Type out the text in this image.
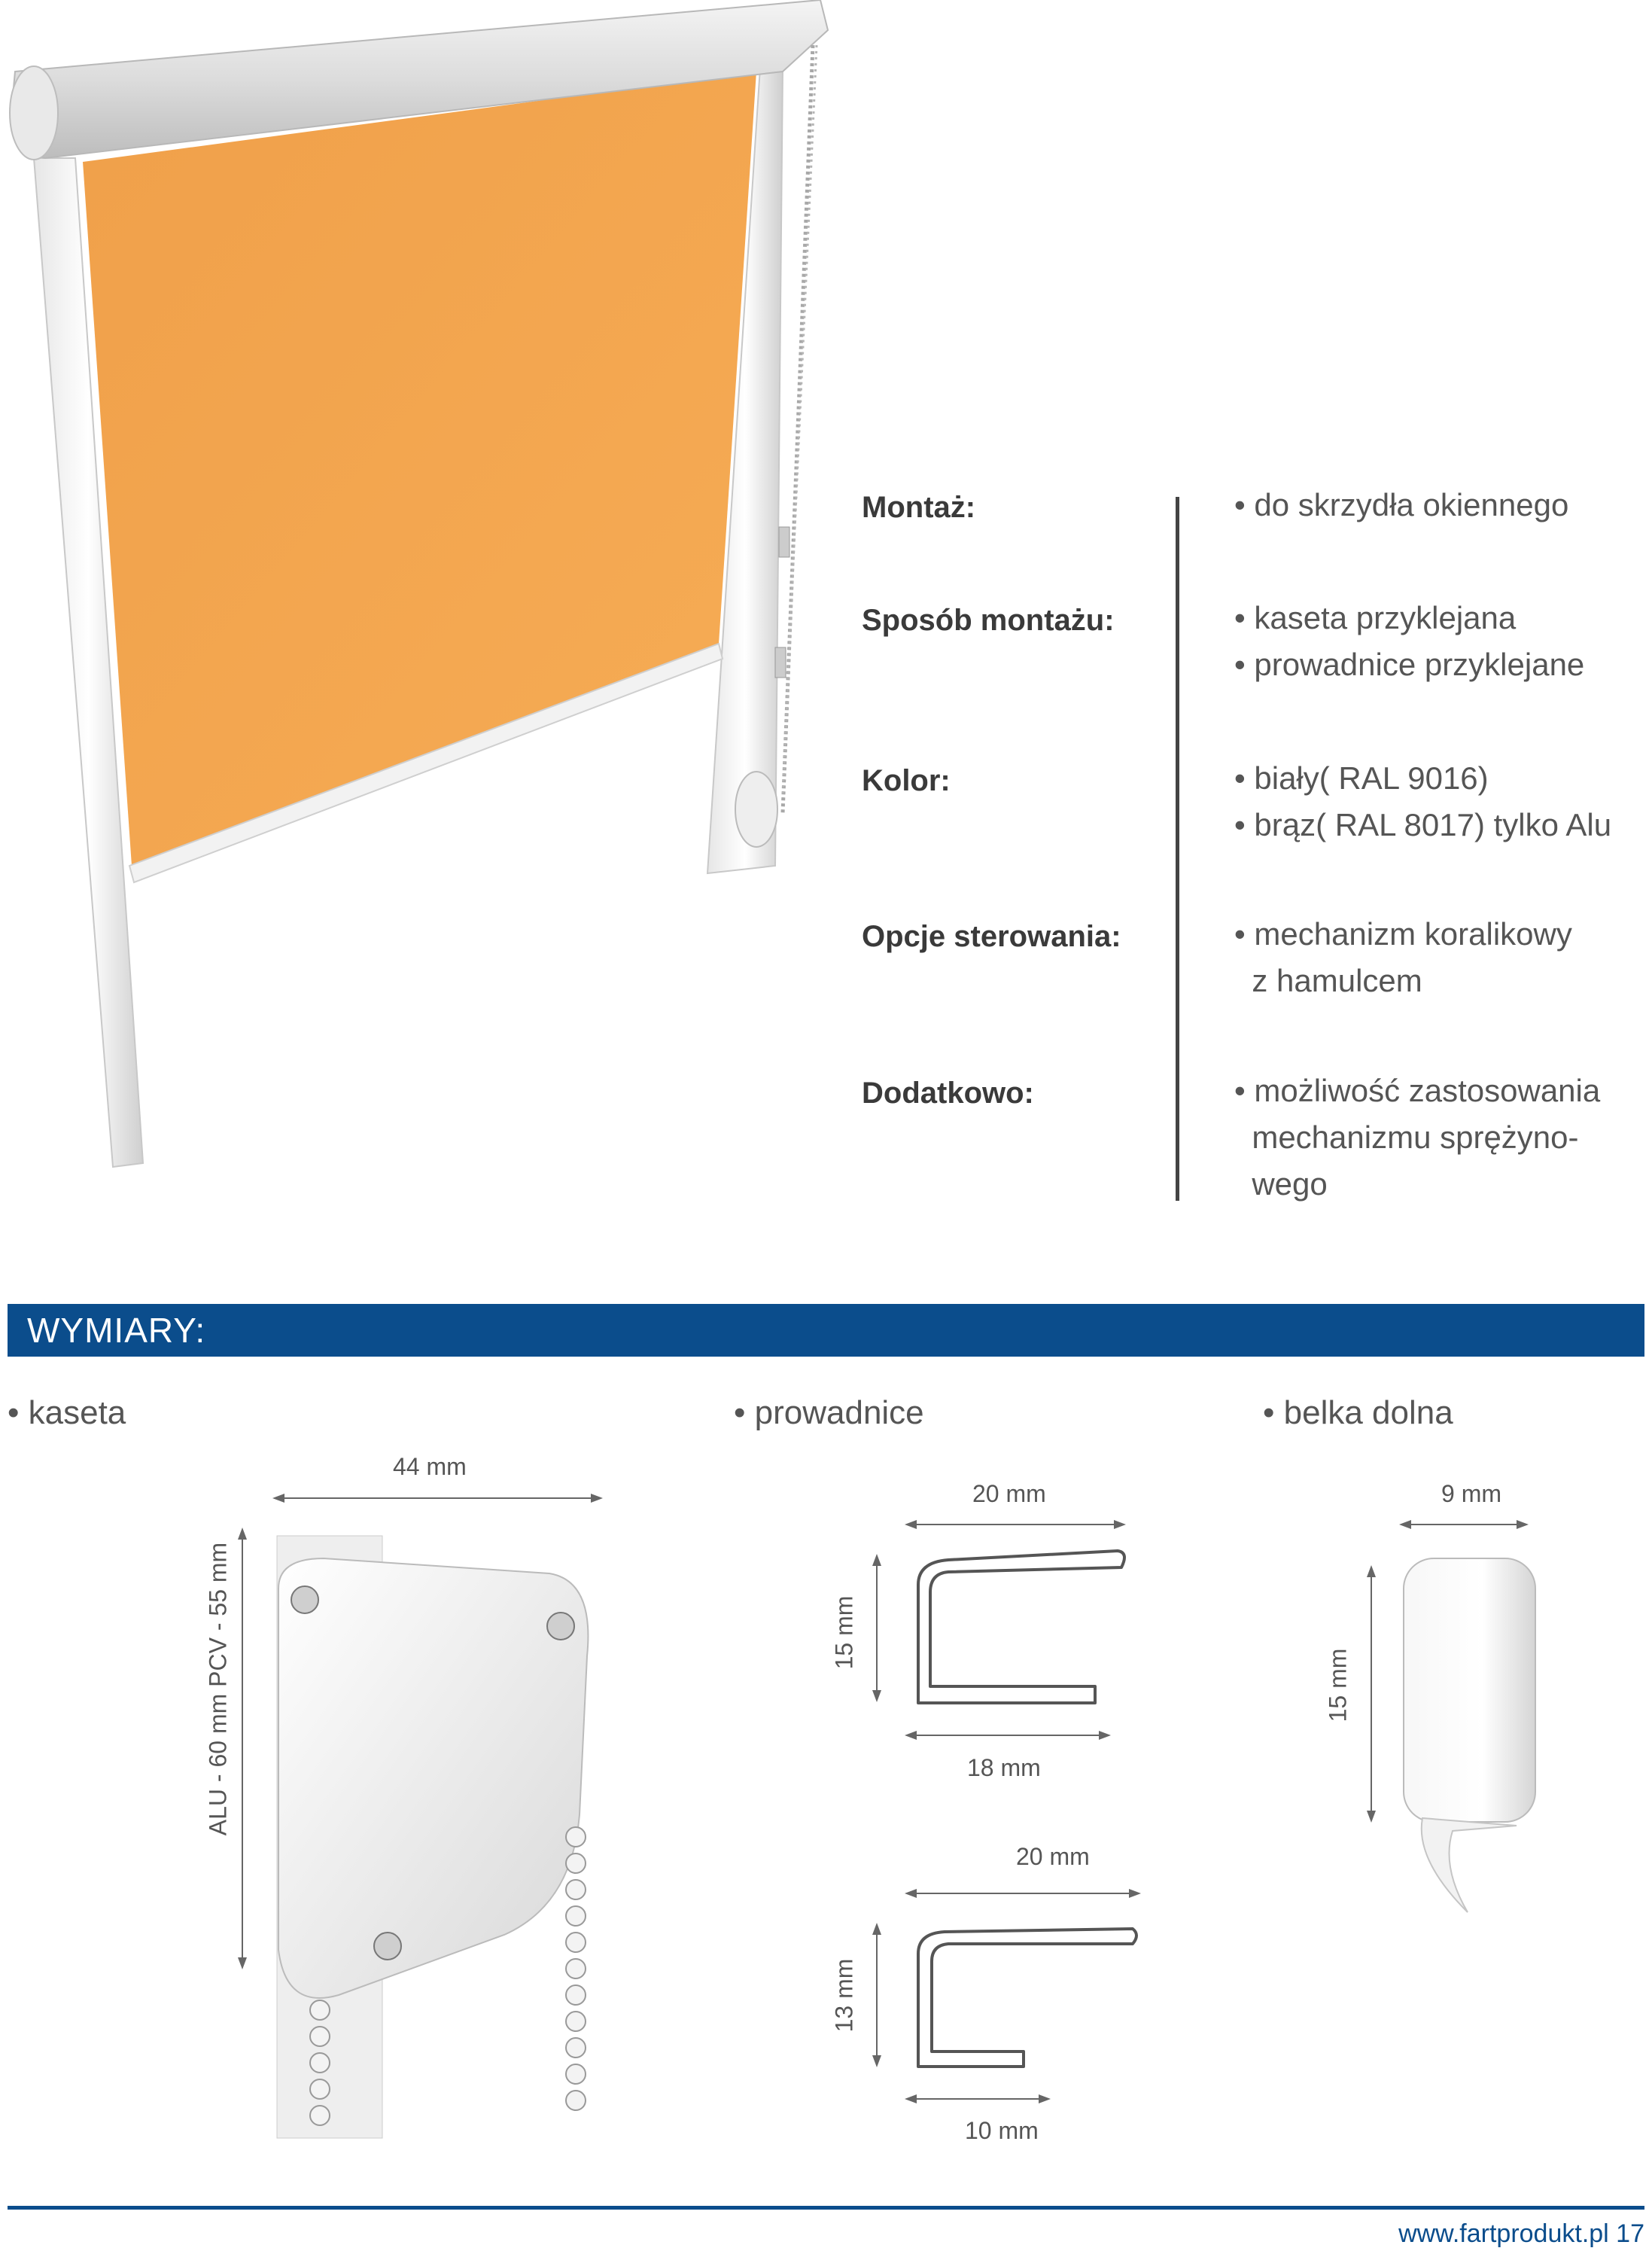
Montaż:	• do skrzydła okiennego
Sposób montażu:	• kaseta przyklejana
• prowadnice przyklejane
Kolor:	• biały( RAL 9016)
• brąz( RAL 8017) tylko Alu
Opcje sterowania:	• mechanizm koralikowy
z hamulcem
Dodatkowo:	• możliwość zastosowania
mechanizmu sprężyno-
wego
WYMIARY:
• kaseta	• prowadnice	• belka dolna
44 mm
ALU - 60 mm PCV - 55 mm
20 mm
18 mm
15 mm
20 mm
10 mm
13 mm
9 mm
15 mm
www.fartprodukt.pl 17
